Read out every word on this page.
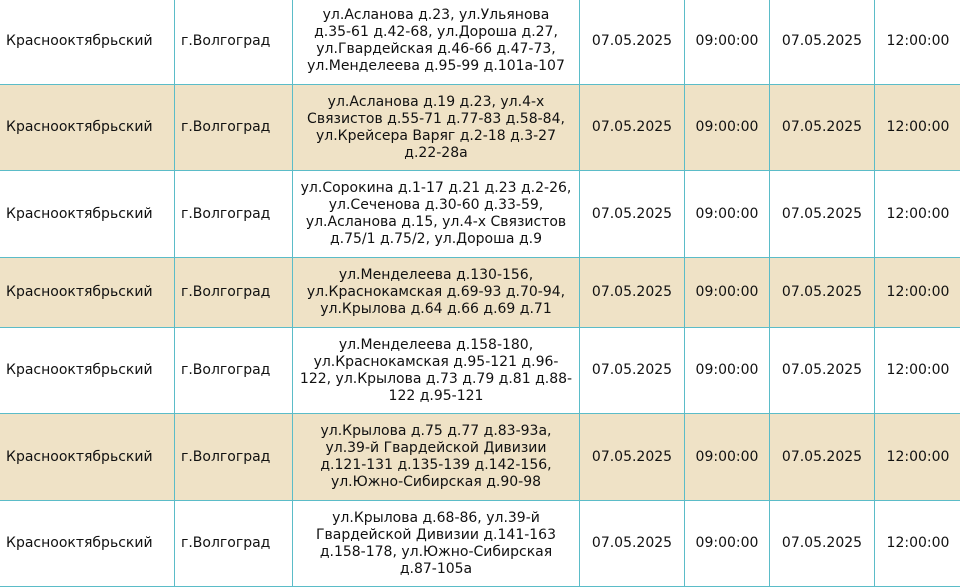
Краснооктябрьский	г.Волгоград	ул.Асланова д.23, ул.Ульянова
д.35-61 д.42-68, ул.Дороша д.27,
ул.Гвардейская д.46-66 д.47-73,
ул.Менделеева д.95-99 д.101а-107	07.05.2025	09:00:00	07.05.2025	12:00:00
Краснооктябрьский	г.Волгоград	ул.Асланова д.19 д.23, ул.4-х
Связистов д.55-71 д.77-83 д.58-84,
ул.Крейсера Варяг д.2-18 д.3-27
д.22-28а	07.05.2025	09:00:00	07.05.2025	12:00:00
Краснооктябрьский	г.Волгоград	ул.Сорокина д.1-17 д.21 д.23 д.2-26,
ул.Сеченова д.30-60 д.33-59,
ул.Асланова д.15, ул.4-х Связистов
д.75/1 д.75/2, ул.Дороша д.9	07.05.2025	09:00:00	07.05.2025	12:00:00
Краснооктябрьский	г.Волгоград	ул.Менделеева д.130-156,
ул.Краснокамская д.69-93 д.70-94,
ул.Крылова д.64 д.66 д.69 д.71	07.05.2025	09:00:00	07.05.2025	12:00:00
Краснооктябрьский	г.Волгоград	ул.Менделеева д.158-180,
ул.Краснокамская д.95-121 д.96-
122, ул.Крылова д.73 д.79 д.81 д.88-
122 д.95-121	07.05.2025	09:00:00	07.05.2025	12:00:00
Краснооктябрьский	г.Волгоград	ул.Крылова д.75 д.77 д.83-93а,
ул.39-й Гвардейской Дивизии
д.121-131 д.135-139 д.142-156,
ул.Южно-Сибирская д.90-98	07.05.2025	09:00:00	07.05.2025	12:00:00
Краснооктябрьский	г.Волгоград	ул.Крылова д.68-86, ул.39-й
Гвардейской Дивизии д.141-163
д.158-178, ул.Южно-Сибирская
д.87-105а	07.05.2025	09:00:00	07.05.2025	12:00:00
